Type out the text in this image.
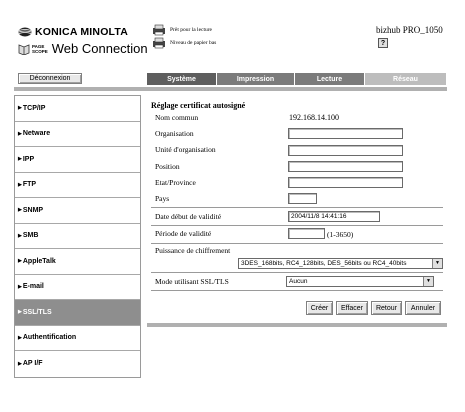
KONICA MINOLTA
PAGE
SCOPE Web Connection
Prêt pour la lecture
Niveau de papier bas
bizhub PRO_1050
?
Déconnexion	Système	Impression	Lecture	Réseau
▶ TCP/IP
▶ Netware
▶ IPP
▶ FTP
▶ SNMP
▶ SMB
▶ AppleTalk
▶ E-mail
▶ SSL/TLS
▶ Authentification
▶ AP I/F
Réglage certificat autosigné
Nom commun	192.168.14.100
Organisation
Unité d'organisation
Position
Etat/Province
Pays
Date début de validité	2004/11/8 14:41:16
Période de validité	(1-3650)
Puissance de chiffrement
3DES_168bits, RC4_128bits, DES_56bits ou RC4_40bits	▼
Mode utilisant SSL/TLS	Aucun	▼
Créer Effacer Retour Annuler
